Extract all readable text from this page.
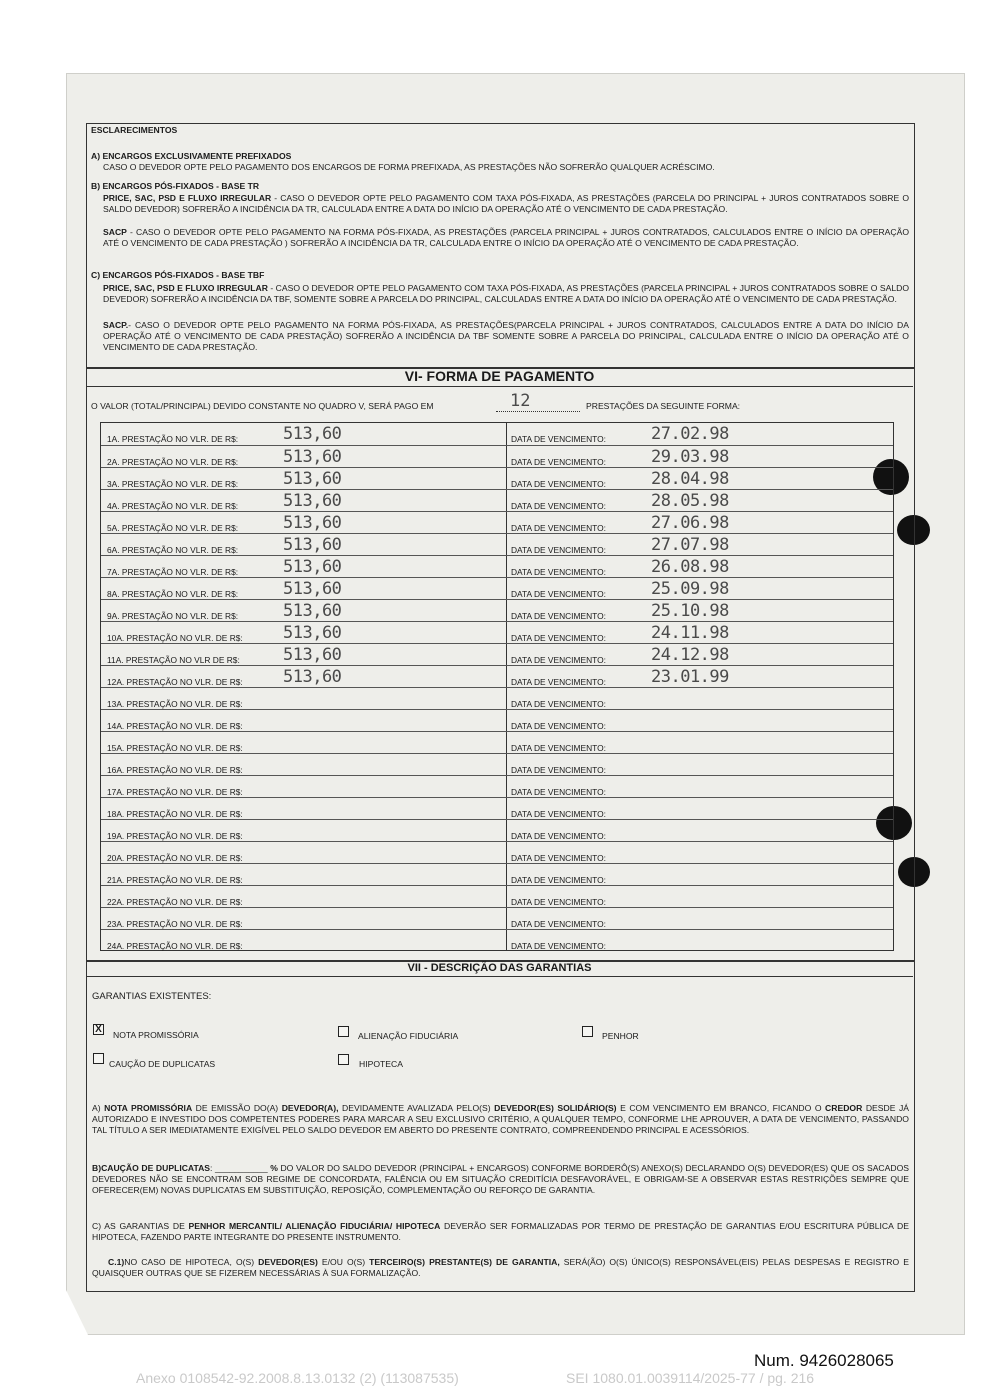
ESCLARECIMENTOS
A) ENCARGOS EXCLUSIVAMENTE PREFIXADOS
CASO O DEVEDOR OPTE PELO PAGAMENTO DOS ENCARGOS DE FORMA PREFIXADA, AS PRESTAÇÕES NÃO SOFRERÃO QUALQUER ACRÉSCIMO.
B) ENCARGOS PÓS-FIXADOS - BASE TR
PRICE, SAC, PSD E FLUXO IRREGULAR - CASO O DEVEDOR OPTE PELO PAGAMENTO COM TAXA PÓS-FIXADA, AS PRESTAÇÕES (PARCELA DO PRINCIPAL + JUROS CONTRATADOS SOBRE O SALDO DEVEDOR) SOFRERÃO A INCIDÊNCIA DA TR, CALCULADA ENTRE A DATA DO INÍCIO DA OPERAÇÃO ATÉ O VENCIMENTO DE CADA PRESTAÇÃO.
SACP - CASO O DEVEDOR OPTE PELO PAGAMENTO NA FORMA PÓS-FIXADA, AS PRESTAÇÕES (PARCELA PRINCIPAL + JUROS CONTRATADOS, CALCULADOS ENTRE O INÍCIO DA OPERAÇÃO ATÉ O VENCIMENTO DE CADA PRESTAÇÃO ) SOFRERÃO A INCIDÊNCIA DA TR, CALCULADA ENTRE O INÍCIO DA OPERAÇÃO ATÉ O VENCIMENTO DE CADA PRESTAÇÃO.
C) ENCARGOS PÓS-FIXADOS - BASE TBF
PRICE, SAC, PSD E FLUXO IRREGULAR - CASO O DEVEDOR OPTE PELO PAGAMENTO COM TAXA PÓS-FIXADA, AS PRESTAÇÕES (PARCELA PRINCIPAL + JUROS CONTRATADOS SOBRE O SALDO DEVEDOR) SOFRERÃO A INCIDÊNCIA DA TBF, SOMENTE SOBRE A PARCELA DO PRINCIPAL, CALCULADAS ENTRE A DATA DO INÍCIO DA OPERAÇÃO ATÉ O VENCIMENTO DE CADA PRESTAÇÃO.
SACP.- CASO O DEVEDOR OPTE PELO PAGAMENTO NA FORMA PÓS-FIXADA, AS PRESTAÇÕES(PARCELA PRINCIPAL + JUROS CONTRATADOS, CALCULADOS ENTRE A DATA DO INÍCIO DA OPERAÇÃO ATÉ O VENCIMENTO DE CADA PRESTAÇÃO) SOFRERÃO A INCIDÊNCIA DA TBF SOMENTE SOBRE A PARCELA DO PRINCIPAL, CALCULADA ENTRE O INÍCIO DA OPERAÇÃO ATÉ O VENCIMENTO DE CADA PRESTAÇÃO.
VI- FORMA DE PAGAMENTO
O VALOR (TOTAL/PRINCIPAL) DEVIDO CONSTANTE NO QUADRO V, SERÁ PAGO EM	12	PRESTAÇÕES DA SEGUINTE FORMA:
1A. PRESTAÇÃO NO VLR. DE R$:	513,60	DATA DE VENCIMENTO:	27.02.98
2A. PRESTAÇÃO NO VLR. DE R$:	513,60	DATA DE VENCIMENTO:	29.03.98
3A. PRESTAÇÃO NO VLR. DE R$:	513,60	DATA DE VENCIMENTO:	28.04.98
4A. PRESTAÇÃO NO VLR. DE R$:	513,60	DATA DE VENCIMENTO:	28.05.98
5A. PRESTAÇÃO NO VLR. DE R$:	513,60	DATA DE VENCIMENTO:	27.06.98
6A. PRESTAÇÃO NO VLR. DE R$:	513,60	DATA DE VENCIMENTO:	27.07.98
7A. PRESTAÇÃO NO VLR. DE R$:	513,60	DATA DE VENCIMENTO:	26.08.98
8A. PRESTAÇÃO NO VLR. DE R$:	513,60	DATA DE VENCIMENTO:	25.09.98
9A. PRESTAÇÃO NO VLR. DE R$:	513,60	DATA DE VENCIMENTO:	25.10.98
10A. PRESTAÇÃO NO VLR. DE R$: 513,60	DATA DE VENCIMENTO:	24.11.98
11A. PRESTAÇÃO NO VLR DE R$:	513,60	DATA DE VENCIMENTO:	24.12.98
12A. PRESTAÇÃO NO VLR. DE R$: 513,60	DATA DE VENCIMENTO:	23.01.99
13A. PRESTAÇÃO NO VLR. DE R$:	DATA DE VENCIMENTO:
14A. PRESTAÇÃO NO VLR. DE R$:	DATA DE VENCIMENTO:
15A. PRESTAÇÃO NO VLR. DE R$:	DATA DE VENCIMENTO:
16A. PRESTAÇÃO NO VLR. DE R$:	DATA DE VENCIMENTO:
17A. PRESTAÇÃO NO VLR. DE R$:	DATA DE VENCIMENTO:
18A. PRESTAÇÃO NO VLR. DE R$:	DATA DE VENCIMENTO:
19A. PRESTAÇÃO NO VLR. DE R$:	DATA DE VENCIMENTO:
20A. PRESTAÇÃO NO VLR. DE R$:	DATA DE VENCIMENTO:
21A. PRESTAÇÃO NO VLR. DE R$:	DATA DE VENCIMENTO:
22A. PRESTAÇÃO NO VLR. DE R$:	DATA DE VENCIMENTO:
23A. PRESTAÇÃO NO VLR. DE R$:	DATA DE VENCIMENTO:
24A. PRESTAÇÃO NO VLR. DE R$:	DATA DE VENCIMENTO:
VII - DESCRIÇÃO DAS GARANTIAS
GARANTIAS EXISTENTES:
X NOTA PROMISSÓRIA	ALIENAÇÃO FIDUCIÁRIA	PENHOR
CAUÇÃO DE DUPLICATAS	HIPOTECA
A) NOTA PROMISSÓRIA DE EMISSÃO DO(A) DEVEDOR(A), DEVIDAMENTE AVALIZADA PELO(S) DEVEDOR(ES) SOLIDÁRIO(S) E COM VENCIMENTO EM BRANCO, FICANDO O CREDOR DESDE JÁ AUTORIZADO E INVESTIDO DOS COMPETENTES PODERES PARA MARCAR A SEU EXCLUSIVO CRITÉRIO, A QUALQUER TEMPO, CONFORME LHE APROUVER, A DATA DE VENCIMENTO, PASSANDO TAL TÍTULO A SER IMEDIATAMENTE EXIGÍVEL PELO SALDO DEVEDOR EM ABERTO DO PRESENTE CONTRATO, COMPREENDENDO PRINCIPAL E ACESSÓRIOS.
B)CAUÇÃO DE DUPLICATAS: ___________ % DO VALOR DO SALDO DEVEDOR (PRINCIPAL + ENCARGOS) CONFORME BORDERÔ(S) ANEXO(S) DECLARANDO O(S) DEVEDOR(ES) QUE OS SACADOS DEVEDORES NÃO SE ENCONTRAM SOB REGIME DE CONCORDATA, FALÊNCIA OU EM SITUAÇÃO CREDITÍCIA DESFAVORÁVEL, E OBRIGAM-SE A OBSERVAR ESTAS RESTRIÇÕES SEMPRE QUE OFERECER(EM) NOVAS DUPLICATAS EM SUBSTITUIÇÃO, REPOSIÇÃO, COMPLEMENTAÇÃO OU REFORÇO DE GARANTIA.
C) AS GARANTIAS DE PENHOR MERCANTIL/ ALIENAÇÃO FIDUCIÁRIA/ HIPOTECA DEVERÃO SER FORMALIZADAS POR TERMO DE PRESTAÇÃO DE GARANTIAS E/OU ESCRITURA PÚBLICA DE HIPOTECA, FAZENDO PARTE INTEGRANTE DO PRESENTE INSTRUMENTO.
C.1)NO CASO DE HIPOTECA, O(S) DEVEDOR(ES) E/OU O(S) TERCEIRO(S) PRESTANTE(S) DE GARANTIA, SERÁ(ÃO) O(S) ÚNICO(S) RESPONSÁVEL(EIS) PELAS DESPESAS E REGISTRO E QUAISQUER OUTRAS QUE SE FIZEREM NECESSÁRIAS À SUA FORMALIZAÇÃO.
Num. 9426028065
Anexo 0108542-92.2008.8.13.0132 (2) (113087535)	SEI 1080.01.0039114/2025-77 / pg. 216
